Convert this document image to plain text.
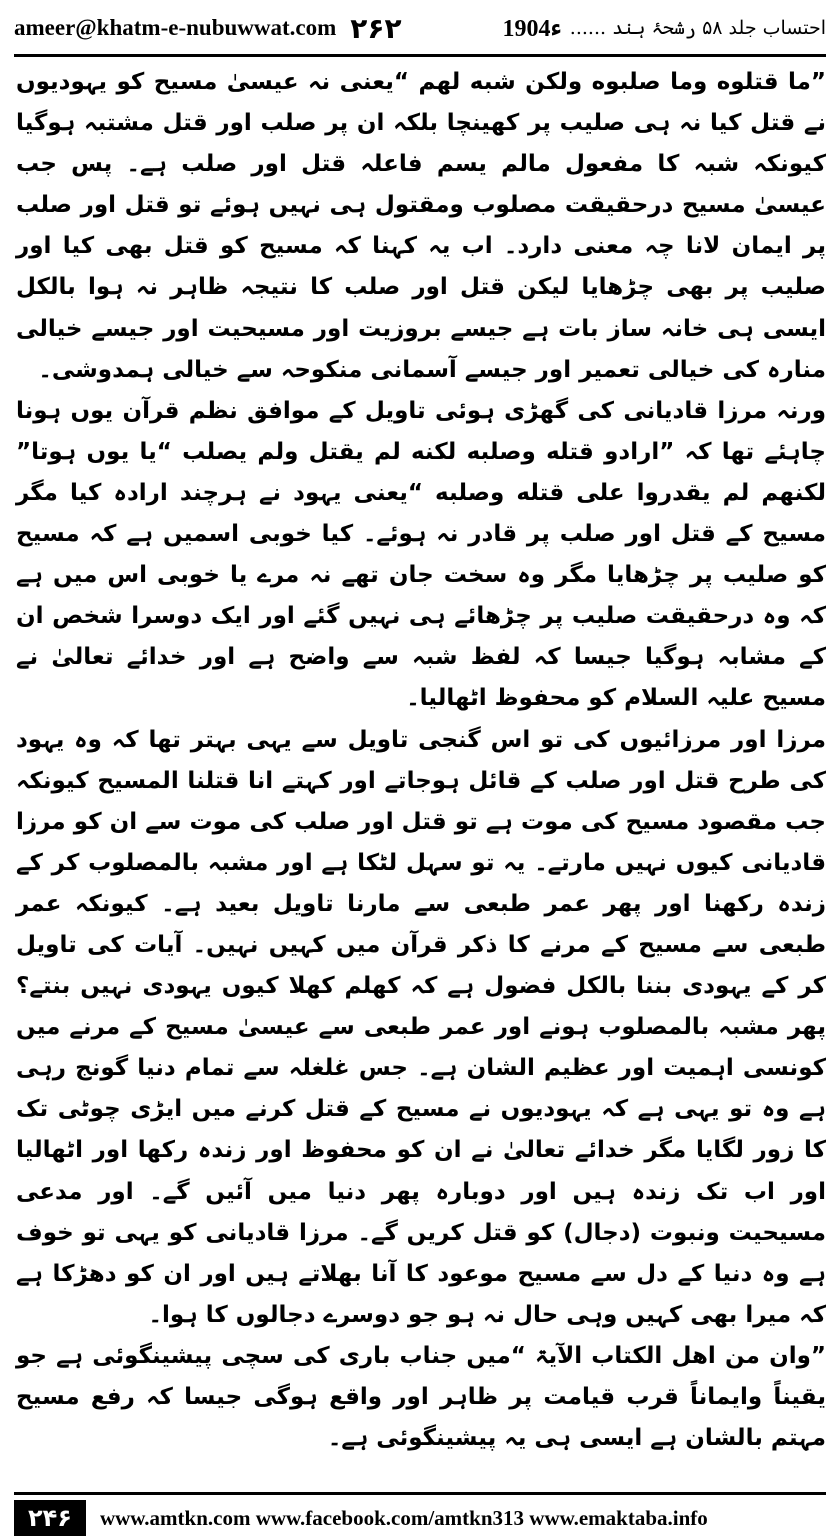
ameer@khatm-e-nubuwwat.com ۲۶۲	احتساب جلد ۵۸ رشحۂ ہند ......
1904ء

”ما قتلوه وما صلبوه ولكن شبه لهم “یعنی نہ عیسیٰ مسیح کو یہودیوں نے قتل کیا نہ ہی صلیب پر کھینچا بلکہ ان پر صلب اور قتل مشتبہ ہوگیا کیونکہ شبہ کا مفعول مالم یسم فاعلہ قتل اور صلب ہے۔ پس جب عیسیٰ مسیح درحقیقت مصلوب ومقتول ہی نہیں ہوئے تو قتل اور صلب پر ایمان لانا چہ معنی دارد۔ اب یہ کہنا کہ مسیح کو قتل بھی کیا اور صلیب پر بھی چڑھایا لیکن قتل اور صلب کا نتیجہ ظاہر نہ ہوا بالکل ایسی ہی خانہ ساز بات ہے جیسے بروزیت اور مسیحیت اور جیسے خیالی منارہ کی خیالی تعمیر اور جیسے آسمانی منکوحہ سے خیالی ہمدوشی۔

ورنہ مرزا قادیانی کی گھڑی ہوئی تاویل کے موافق نظم قرآن یوں ہونا چاہئے تھا کہ ”ارادو قتله وصلبه لكنه لم يقتل ولم يصلب “یا یوں ہوتا” لكنهم لم يقدروا على قتله وصلبه “یعنی یہود نے ہرچند ارادہ کیا مگر مسیح کے قتل اور صلب پر قادر نہ ہوئے۔ کیا خوبی اسمیں ہے کہ مسیح کو صلیب پر چڑھایا مگر وہ سخت جان تھے نہ مرے یا خوبی اس میں ہے کہ وہ درحقیقت صلیب پر چڑھائے ہی نہیں گئے اور ایک دوسرا شخص ان کے مشابہ ہوگیا جیسا کہ لفظ شبہ سے واضح ہے اور خدائے تعالیٰ نے مسیح علیہ السلام کو محفوظ اٹھالیا۔

مرزا اور مرزائیوں کی تو اس گنجی تاویل سے یہی بہتر تھا کہ وہ یہود کی طرح قتل اور صلب کے قائل ہوجاتے اور کہتے انا قتلنا المسيح کیونکہ جب مقصود مسیح کی موت ہے تو قتل اور صلب کی موت سے ان کو مرزا قادیانی کیوں نہیں مارتے۔ یہ تو سہل لٹکا ہے اور مشبہ بالمصلوب کر کے زندہ رکھنا اور پھر عمر طبعی سے مارنا تاویل بعید ہے۔ کیونکہ عمر طبعی سے مسیح کے مرنے کا ذکر قرآن میں کہیں نہیں۔ آیات کی تاویل کر کے یہودی بننا بالکل فضول ہے کہ کھلم کھلا کیوں یہودی نہیں بنتے؟ پھر مشبہ بالمصلوب ہونے اور عمر طبعی سے عیسیٰ مسیح کے مرنے میں کونسی اہمیت اور عظیم الشان ہے۔ جس غلغلہ سے تمام دنیا گونج رہی ہے وہ تو یہی ہے کہ یہودیوں نے مسیح کے قتل کرنے میں ایڑی چوٹی تک کا زور لگایا مگر خدائے تعالیٰ نے ان کو محفوظ اور زندہ رکھا اور اٹھالیا اور اب تک زندہ ہیں اور دوبارہ پھر دنیا میں آئیں گے۔ اور مدعی مسیحیت ونبوت (دجال) کو قتل کریں گے۔ مرزا قادیانی کو یہی تو خوف ہے وہ دنیا کے دل سے مسیح موعود کا آنا بھلاتے ہیں اور ان کو دھڑکا ہے کہ میرا بھی کہیں وہی حال نہ ہو جو دوسرے دجالوں کا ہوا۔

”وان من اهل الكتاب الآیۃ “میں جناب باری کی سچی پیشینگوئی ہے جو یقیناً وایماناً قرب قیامت پر ظاہر اور واقع ہوگی جیسا کہ رفع مسیح مہتم بالشان ہے ایسی ہی یہ پیشینگوئی ہے۔

۲۴۶	www.amtkn.com www.facebook.com/amtkn313 www.emaktaba.info
